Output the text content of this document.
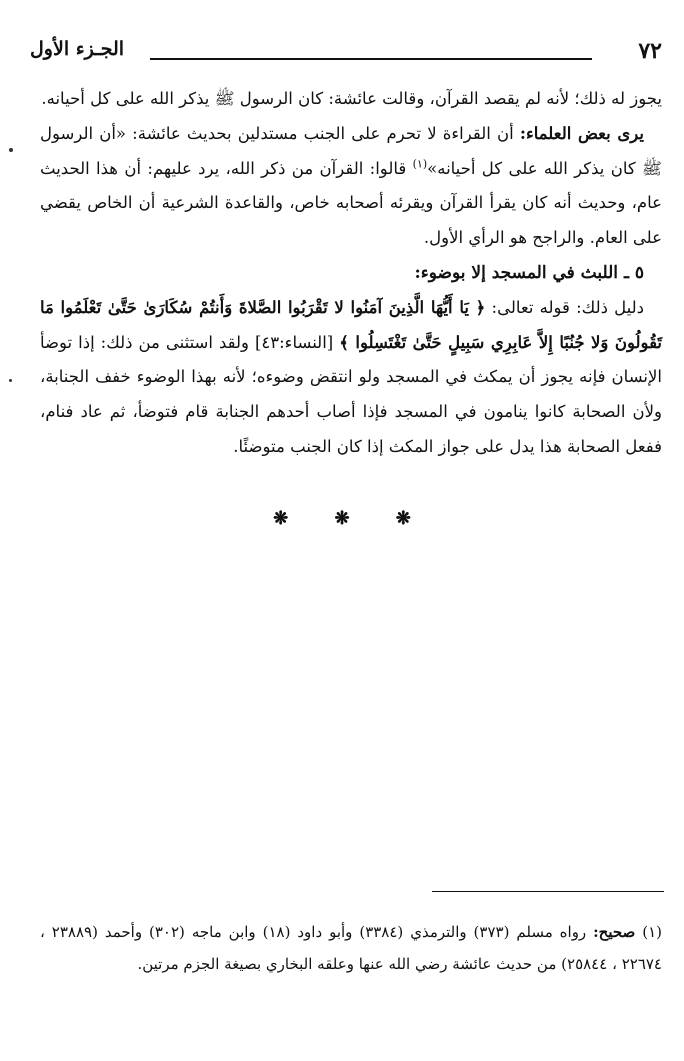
٧٢
الجـزء الأول

يجوز له ذلك؛ لأنه لم يقصد القرآن، وقالت عائشة: كان الرسول ﷺ يذكر الله على كل أحيانه.

يرى بعض العلماء: أن القراءة لا تحرم على الجنب مستدلين بحديث عائشة: «أن الرسول ﷺ كان يذكر الله على كل أحيانه»$^{(١)}$ قالوا: القرآن من ذكر الله، يرد عليهم: أن هذا الحديث عام، وحديث أنه كان يقرأ القرآن ويقرئه أصحابه خاص، والقاعدة الشرعية أن الخاص يقضي على العام. والراجح هو الرأي الأول.

٥ ـ اللبث في المسجد إلا بوضوء:

دليل ذلك: قوله تعالى: ﴿ يَا أَيُّهَا الَّذِينَ آمَنُوا لا تَقْرَبُوا الصَّلاةَ وَأَنتُمْ سُكَارَىٰ حَتَّىٰ تَعْلَمُوا مَا تَقُولُونَ وَلا جُنُبًا إِلاَّ عَابِرِي سَبِيلٍ حَتَّىٰ تَغْتَسِلُوا ﴾ [النساء:٤٣] ولقد استثنى من ذلك: إذا توضأ الإنسان فإنه يجوز أن يمكث في المسجد ولو انتقض وضوءه؛ لأنه بهذا الوضوء خفف الجنابة، ولأن الصحابة كانوا ينامون في المسجد فإذا أصاب أحدهم الجنابة قام فتوضأ، ثم عاد فنام، ففعل الصحابة هذا يدل على جواز المكث إذا كان الجنب متوضئًا.

❋ ❋ ❋

(١) صحيح: رواه مسلم (٣٧٣) والترمذي (٣٣٨٤) وأبو داود (١٨) وابن ماجه (٣٠٢) وأحمد (٢٣٨٨٩ ، ٢٢٦٧٤ ، ٢٥٨٤٤) من حديث عائشة رضي الله عنها وعلقه البخاري بصيغة الجزم مرتين.
